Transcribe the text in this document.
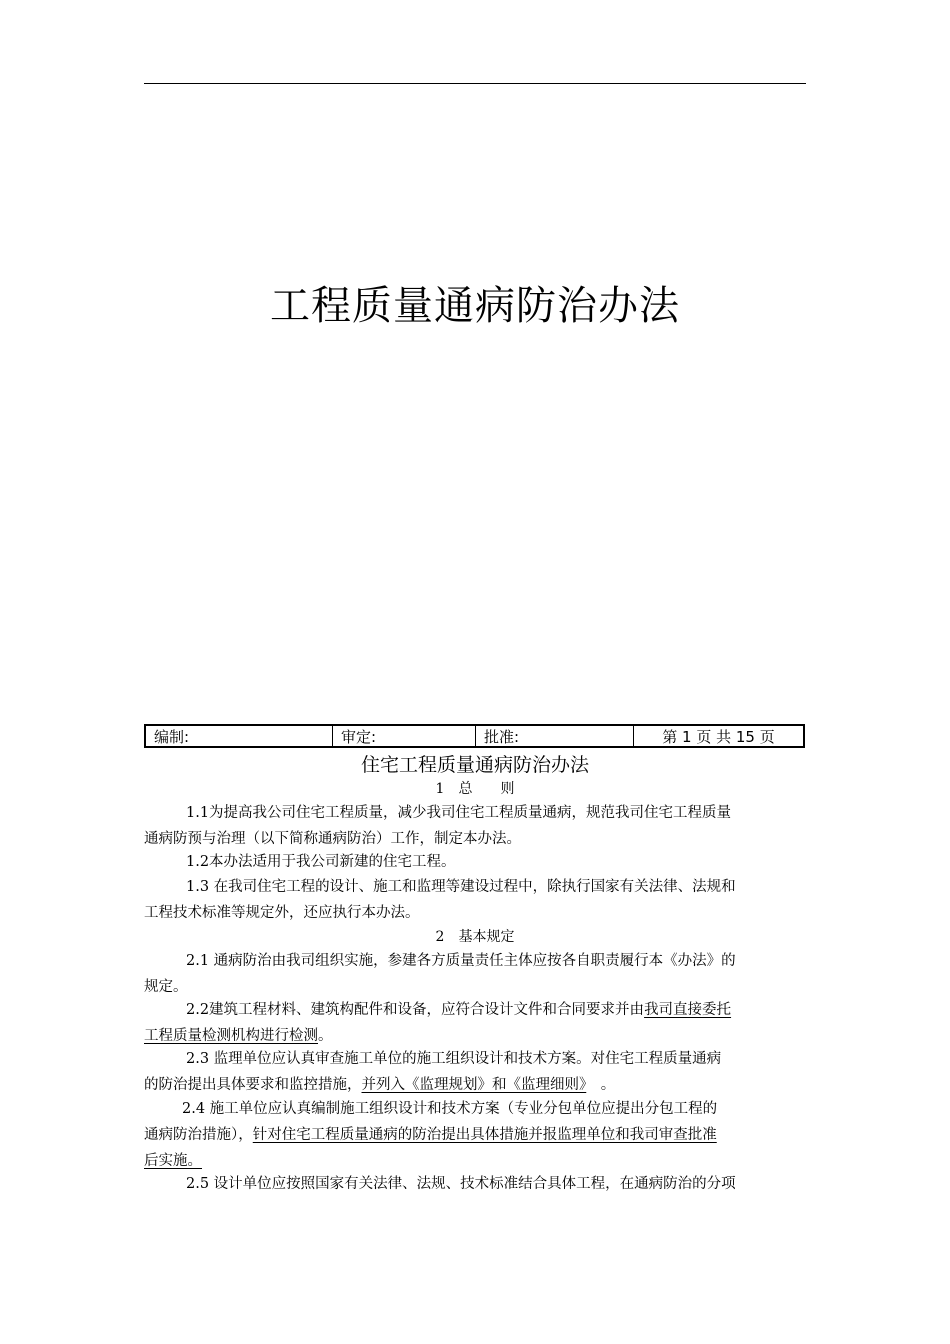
工程质量通病防治办法
编制:	审定:	批准:	第 1 页 共 15 页
住宅工程质量通病防治办法
1　总　　则
1.1为提高我公司住宅工程质量，减少我司住宅工程质量通病，规范我司住宅工程质量
通病防预与治理（以下简称通病防治）工作，制定本办法。
1.2本办法适用于我公司新建的住宅工程。
1.3 在我司住宅工程的设计、施工和监理等建设过程中，除执行国家有关法律、法规和
工程技术标准等规定外，还应执行本办法。
2　基本规定
2.1 通病防治由我司组织实施，参建各方质量责任主体应按各自职责履行本《办法》的
规定。
2.2建筑工程材料、建筑构配件和设备，应符合设计文件和合同要求并由我司直接委托
工程质量检测机构进行检测。
2.3 监理单位应认真审查施工单位的施工组织设计和技术方案。对住宅工程质量通病
的防治提出具体要求和监控措施，并列入《监理规划》和《监理细则》　。
2.4 施工单位应认真编制施工组织设计和技术方案（专业分包单位应提出分包工程的
通病防治措施），针对住宅工程质量通病的防治提出具体措施并报监理单位和我司审查批准
后实施。
2.5 设计单位应按照国家有关法律、法规、技术标准结合具体工程，在通病防治的分项
